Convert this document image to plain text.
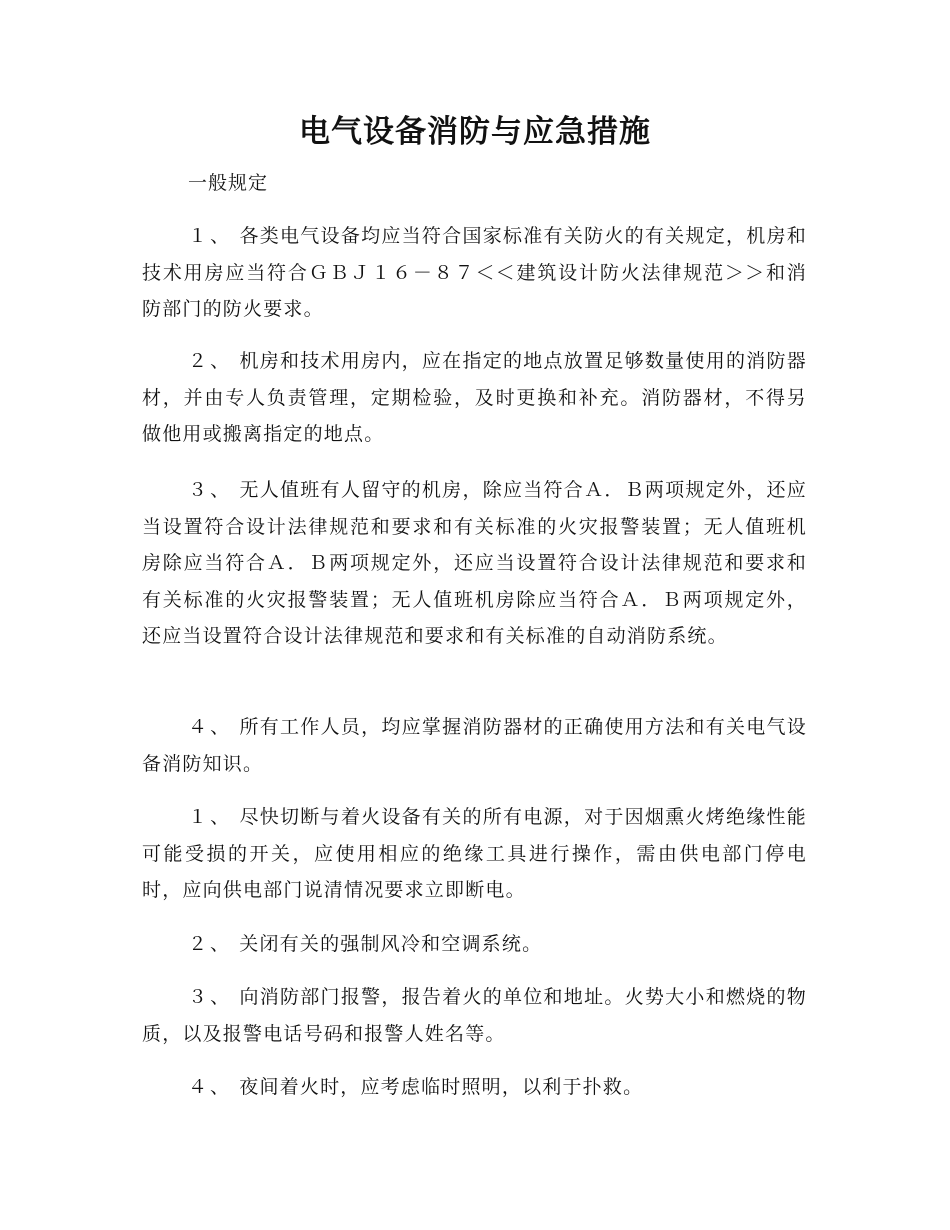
电气设备消防与应急措施
一般规定

１、 各类电气设备均应当符合国家标准有关防火的有关规定，机房和技术用房应当符合ＧＢＪ１６－８７＜＜建筑设计防火法律规范＞＞和消防部门的防火要求。

２、 机房和技术用房内，应在指定的地点放置足够数量使用的消防器材，并由专人负责管理，定期检验，及时更换和补充。消防器材，不得另做他用或搬离指定的地点。

３、 无人值班有人留守的机房，除应当符合Ａ．Ｂ两项规定外，还应当设置符合设计法律规范和要求和有关标准的火灾报警装置；无人值班机房除应当符合Ａ．Ｂ两项规定外，还应当设置符合设计法律规范和要求和有关标准的火灾报警装置；无人值班机房除应当符合Ａ．Ｂ两项规定外，还应当设置符合设计法律规范和要求和有关标准的自动消防系统。

４、 所有工作人员，均应掌握消防器材的正确使用方法和有关电气设备消防知识。

１、 尽快切断与着火设备有关的所有电源，对于因烟熏火烤绝缘性能可能受损的开关，应使用相应的绝缘工具进行操作，需由供电部门停电时，应向供电部门说清情况要求立即断电。

２、 关闭有关的强制风冷和空调系统。

３、 向消防部门报警，报告着火的单位和地址。火势大小和燃烧的物质，以及报警电话号码和报警人姓名等。

４、 夜间着火时，应考虑临时照明，以利于扑救。
